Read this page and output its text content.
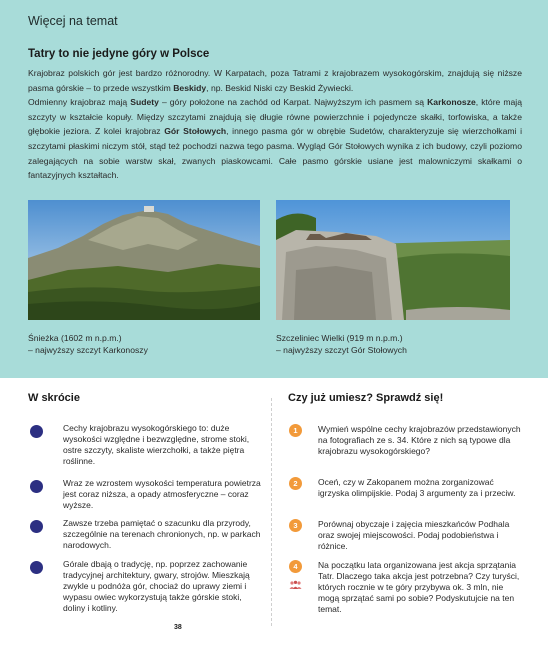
Więcej na temat
Tatry to nie jedyne góry w Polsce

Krajobraz polskich gór jest bardzo różnorodny. W Karpatach, poza Tatrami z krajobrazem wysokogórskim, znajdują się niższe pasma górskie – to przede wszystkim Beskidy, np. Beskid Niski czy Beskid Żywiecki.

Odmienny krajobraz mają Sudety – góry położone na zachód od Karpat. Najwyższym ich pasmem są Karkonosze, które mają szczyty w kształcie kopuły. Między szczytami znajdują się długie równe powierzchnie i pojedyncze skałki, torfowiska, a także głębokie jeziora. Z kolei krajobraz Gór Stołowych, innego pasma gór w obrębie Sudetów, charakteryzuje się wierzchołkami i szczytami płaskimi niczym stół, stąd też pochodzi nazwa tego pasma. Wygląd Gór Stołowych wynika z ich budowy, czyli poziomo zalegających na sobie warstw skał, zwanych piaskowcami. Całe pasmo górskie usiane jest malowniczymi skałkami o fantazyjnych kształtach.

Śnieżka (1602 m n.p.m.)
– najwyższy szczyt Karkonoszy
Szczeliniec Wielki (919 m n.p.m.)
– najwyższy szczyt Gór Stołowych
W skrócie	Czy już umiesz? Sprawdź się!
Cechy krajobrazu wysokogórskiego to: duże wysokości względne i bezwzględne, strome stoki, ostre szczyty, skaliste wierzchołki, a także piętra roślinne.
Wraz ze wzrostem wysokości temperatura powietrza jest coraz niższa, a opady atmosferyczne – coraz wyższe.
Zawsze trzeba pamiętać o szacunku dla przyrody, szczególnie na terenach chronionych, np. w parkach narodowych.
Górale dbają o tradycję, np. poprzez zachowanie tradycyjnej architektury, gwary, strojów. Mieszkają zwykle u podnóża gór, chociaż do uprawy ziemi i wypasu owiec wykorzystują także górskie stoki, doliny i kotliny.
1	Wymień wspólne cechy krajobrazów przedstawionych na fotografiach ze s. 34. Które z nich są typowe dla krajobrazu wysokogórskiego?
2	Oceń, czy w Zakopanem można zorganizować igrzyska olimpijskie. Podaj 3 argumenty za i przeciw.
3	Porównaj obyczaje i zajęcia mieszkańców Podhala oraz swojej miejscowości. Podaj podobieństwa i różnice.
4	Na początku lata organizowana jest akcja sprzątania Tatr. Dlaczego taka akcja jest potrzebna? Czy turyści, których rocznie w te góry przybywa ok. 3 mln, nie mogą sprzątać sami po sobie? Podyskutujcie na ten temat.
38
